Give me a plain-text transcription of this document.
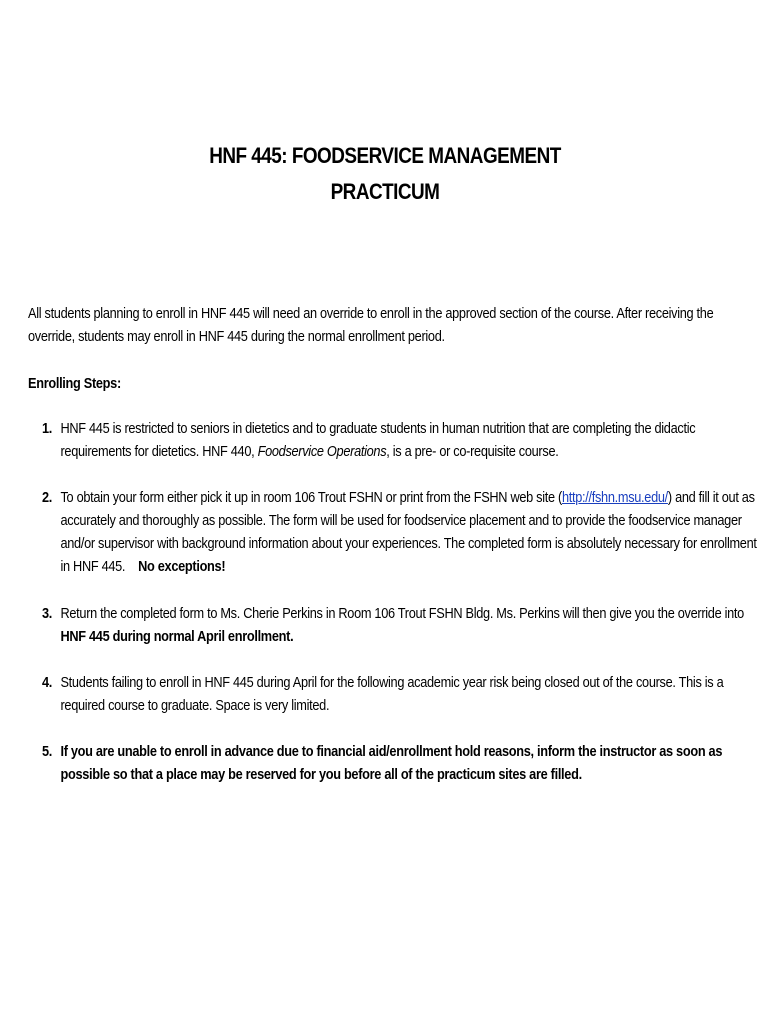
HNF 445: FOODSERVICE MANAGEMENT
PRACTICUM
All students planning to enroll in HNF 445 will need an override to enroll in the approved section of the course. After receiving the
override, students may enroll in HNF 445 during the normal enrollment period.
Enrolling Steps:
1. HNF 445 is restricted to seniors in dietetics and to graduate students in human nutrition that are completing the didactic
requirements for dietetics. HNF 440, Foodservice Operations, is a pre- or co-requisite course.
2. To obtain your form either pick it up in room 106 Trout FSHN or print from the FSHN web site (http://fshn.msu.edu/) and fill it out as
accurately and thoroughly as possible. The form will be used for foodservice placement and to provide the foodservice manager
and/or supervisor with background information about your experiences. The completed form is absolutely necessary for enrollment
in HNF 445.    No exceptions!
3. Return the completed form to Ms. Cherie Perkins in Room 106 Trout FSHN Bldg. Ms. Perkins will then give you the override into
HNF 445 during normal April enrollment.
4. Students failing to enroll in HNF 445 during April for the following academic year risk being closed out of the course. This is a
required course to graduate. Space is very limited.
5. If you are unable to enroll in advance due to financial aid/enrollment hold reasons, inform the instructor as soon as
possible so that a place may be reserved for you before all of the practicum sites are filled.
